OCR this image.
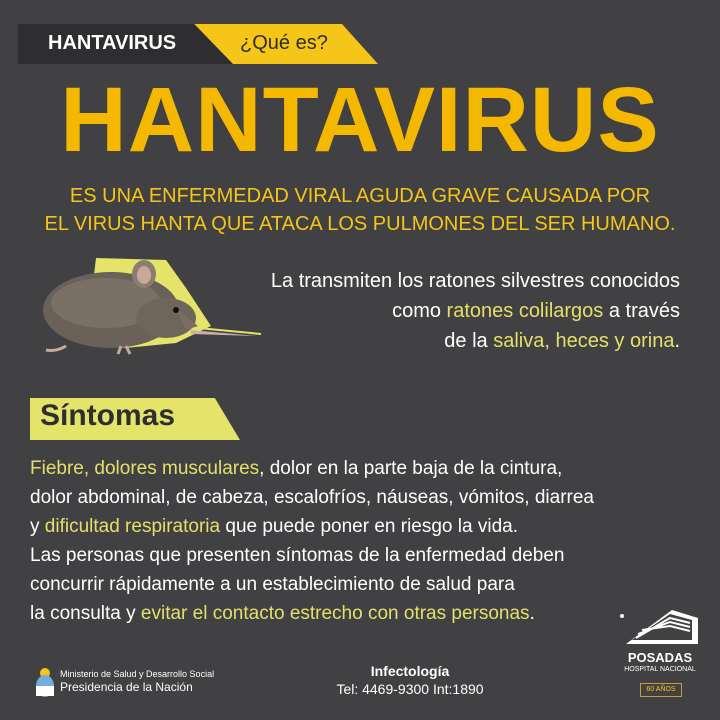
HANTAVIRUS	¿Qué es?
HANTAVIRUS
ES UNA ENFERMEDAD VIRAL AGUDA GRAVE CAUSADA POR
EL VIRUS HANTA QUE ATACA LOS PULMONES DEL SER HUMANO.
La transmiten los ratones silvestres conocidos
como ratones colilargos a través
de la saliva, heces y orina.
Síntomas
Fiebre, dolores musculares, dolor en la parte baja de la cintura,
dolor abdominal, de cabeza, escalofríos, náuseas, vómitos, diarrea
y dificultad respiratoria que puede poner en riesgo la vida.
Las personas que presenten síntomas de la enfermedad deben
concurrir rápidamente a un establecimiento de salud para
la consulta y evitar el contacto estrecho con otras personas.
Ministerio de Salud y Desarrollo Social
Presidencia de la Nación
Infectología
Tel: 4469-9300 Int:1890
POSADAS
HOSPITAL NACIONAL
60 AÑOS
